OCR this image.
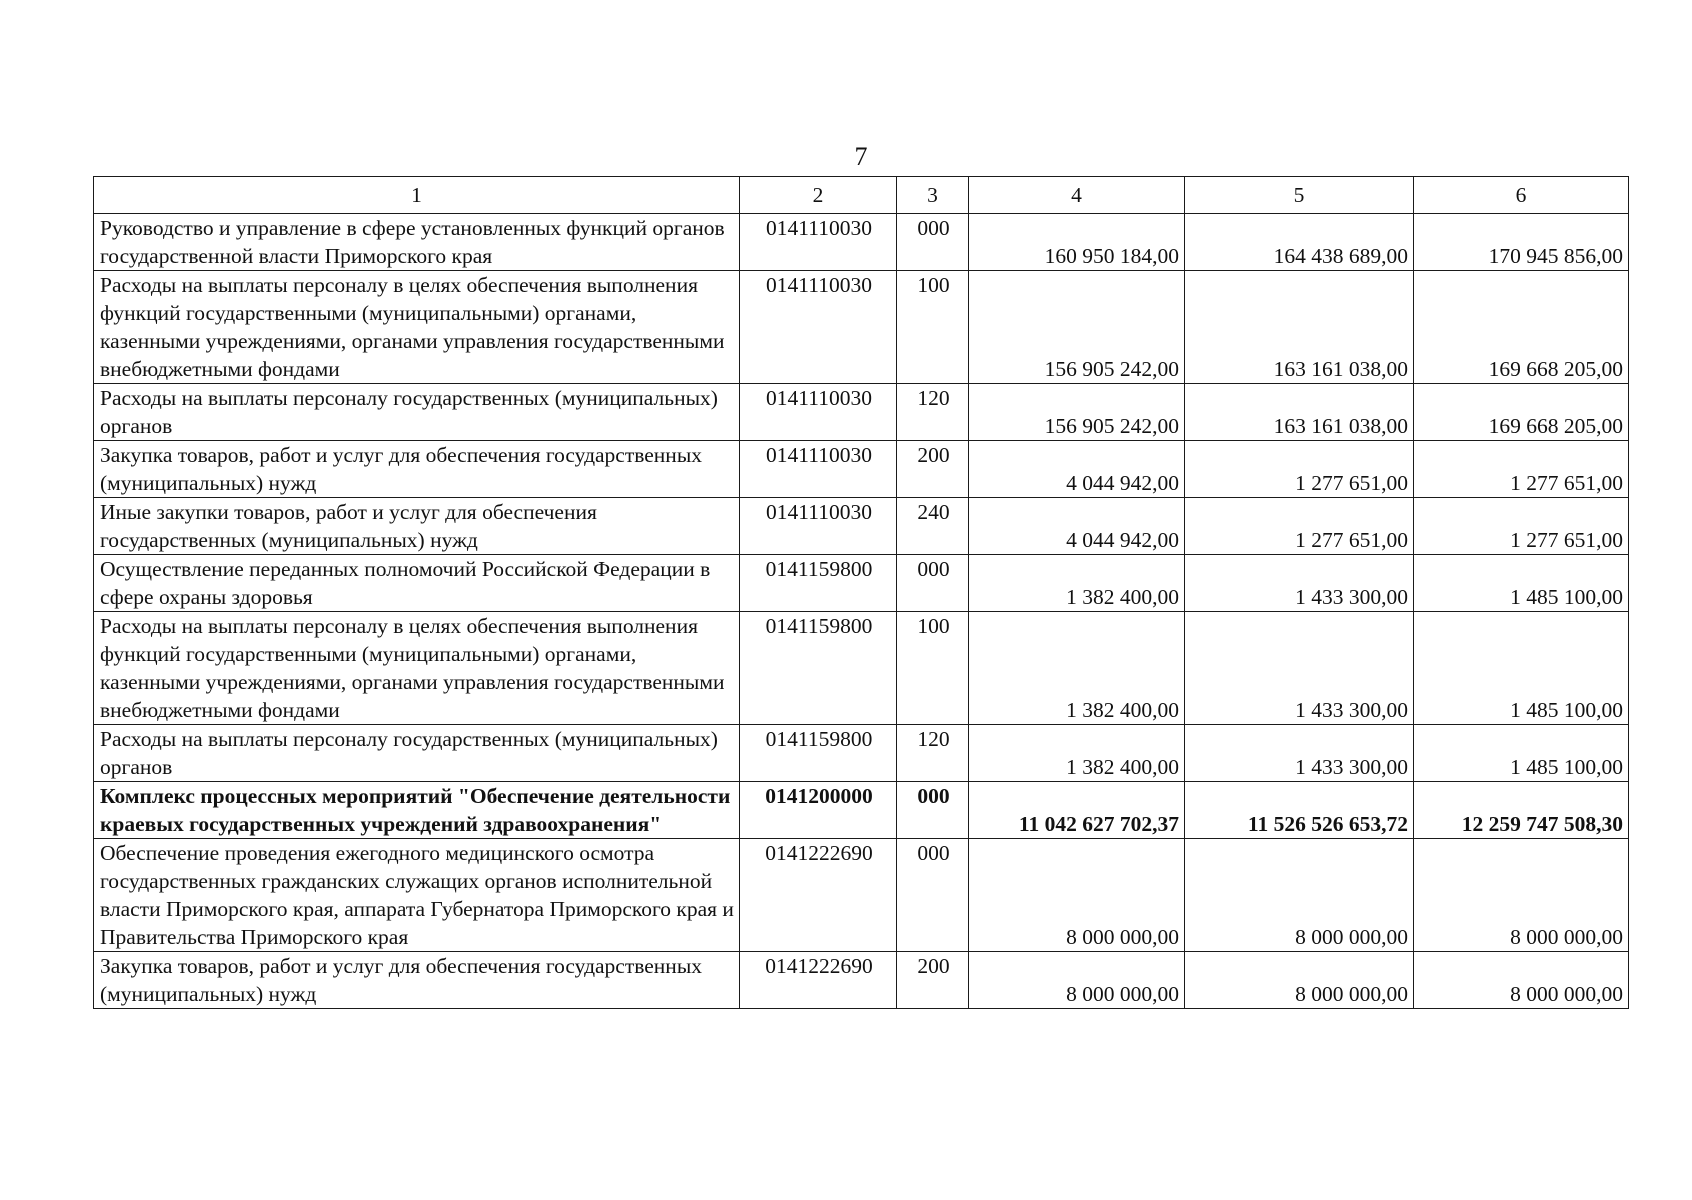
7
1	2	3	4	5	6
Руководство и управление в сфере установленных функций органов государственной власти Приморского края	0141110030	000	160 950 184,00	164 438 689,00	170 945 856,00
Расходы на выплаты персоналу в целях обеспечения выполнения функций государственными (муниципальными) органами, казенными учреждениями, органами управления государственными внебюджетными фондами	0141110030	100	156 905 242,00	163 161 038,00	169 668 205,00
Расходы на выплаты персоналу государственных (муниципальных) органов	0141110030	120	156 905 242,00	163 161 038,00	169 668 205,00
Закупка товаров, работ и услуг для обеспечения государственных (муниципальных) нужд	0141110030	200	4 044 942,00	1 277 651,00	1 277 651,00
Иные закупки товаров, работ и услуг для обеспечения государственных (муниципальных) нужд	0141110030	240	4 044 942,00	1 277 651,00	1 277 651,00
Осуществление переданных полномочий Российской Федерации в сфере охраны здоровья	0141159800	000	1 382 400,00	1 433 300,00	1 485 100,00
Расходы на выплаты персоналу в целях обеспечения выполнения функций государственными (муниципальными) органами, казенными учреждениями, органами управления государственными внебюджетными фондами	0141159800	100	1 382 400,00	1 433 300,00	1 485 100,00
Расходы на выплаты персоналу государственных (муниципальных) органов	0141159800	120	1 382 400,00	1 433 300,00	1 485 100,00
Комплекс процессных мероприятий "Обеспечение деятельности краевых государственных учреждений здравоохранения"	0141200000	000	11 042 627 702,37	11 526 526 653,72	12 259 747 508,30
Обеспечение проведения ежегодного медицинского осмотра государственных гражданских служащих органов исполнительной власти Приморского края, аппарата Губернатора Приморского края и Правительства Приморского края	0141222690	000	8 000 000,00	8 000 000,00	8 000 000,00
Закупка товаров, работ и услуг для обеспечения государственных (муниципальных) нужд	0141222690	200	8 000 000,00	8 000 000,00	8 000 000,00
